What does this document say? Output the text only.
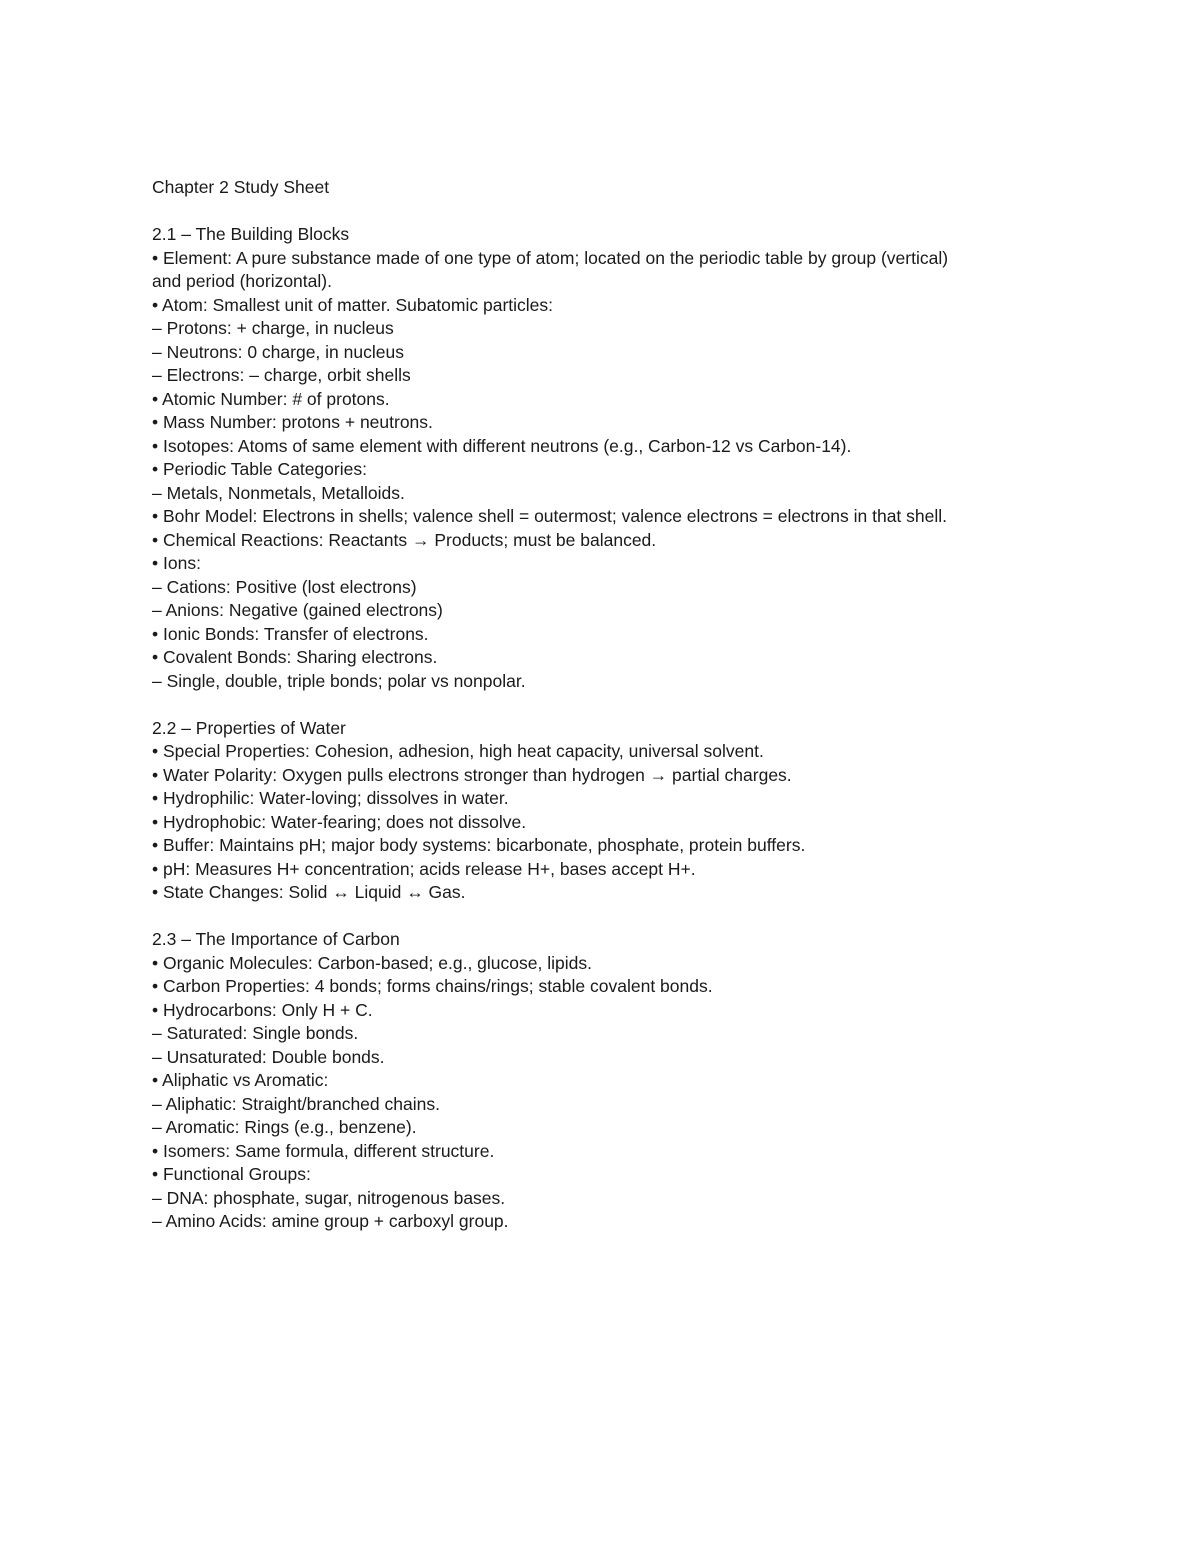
Chapter 2 Study Sheet
2.1 – The Building Blocks
• Element: A pure substance made of one type of atom; located on the periodic table by group (vertical)
and period (horizontal).
• Atom: Smallest unit of matter. Subatomic particles:
– Protons: + charge, in nucleus
– Neutrons: 0 charge, in nucleus
– Electrons: – charge, orbit shells
• Atomic Number: # of protons.
• Mass Number: protons + neutrons.
• Isotopes: Atoms of same element with different neutrons (e.g., Carbon-12 vs Carbon-14).
• Periodic Table Categories:
– Metals, Nonmetals, Metalloids.
• Bohr Model: Electrons in shells; valence shell = outermost; valence electrons = electrons in that shell.
• Chemical Reactions: Reactants → Products; must be balanced.
• Ions:
– Cations: Positive (lost electrons)
– Anions: Negative (gained electrons)
• Ionic Bonds: Transfer of electrons.
• Covalent Bonds: Sharing electrons.
– Single, double, triple bonds; polar vs nonpolar.
2.2 – Properties of Water
• Special Properties: Cohesion, adhesion, high heat capacity, universal solvent.
• Water Polarity: Oxygen pulls electrons stronger than hydrogen → partial charges.
• Hydrophilic: Water-loving; dissolves in water.
• Hydrophobic: Water-fearing; does not dissolve.
• Buffer: Maintains pH; major body systems: bicarbonate, phosphate, protein buffers.
• pH: Measures H+ concentration; acids release H+, bases accept H+.
• State Changes: Solid ↔ Liquid ↔ Gas.
2.3 – The Importance of Carbon
• Organic Molecules: Carbon-based; e.g., glucose, lipids.
• Carbon Properties: 4 bonds; forms chains/rings; stable covalent bonds.
• Hydrocarbons: Only H + C.
– Saturated: Single bonds.
– Unsaturated: Double bonds.
• Aliphatic vs Aromatic:
– Aliphatic: Straight/branched chains.
– Aromatic: Rings (e.g., benzene).
• Isomers: Same formula, different structure.
• Functional Groups:
– DNA: phosphate, sugar, nitrogenous bases.
– Amino Acids: amine group + carboxyl group.
